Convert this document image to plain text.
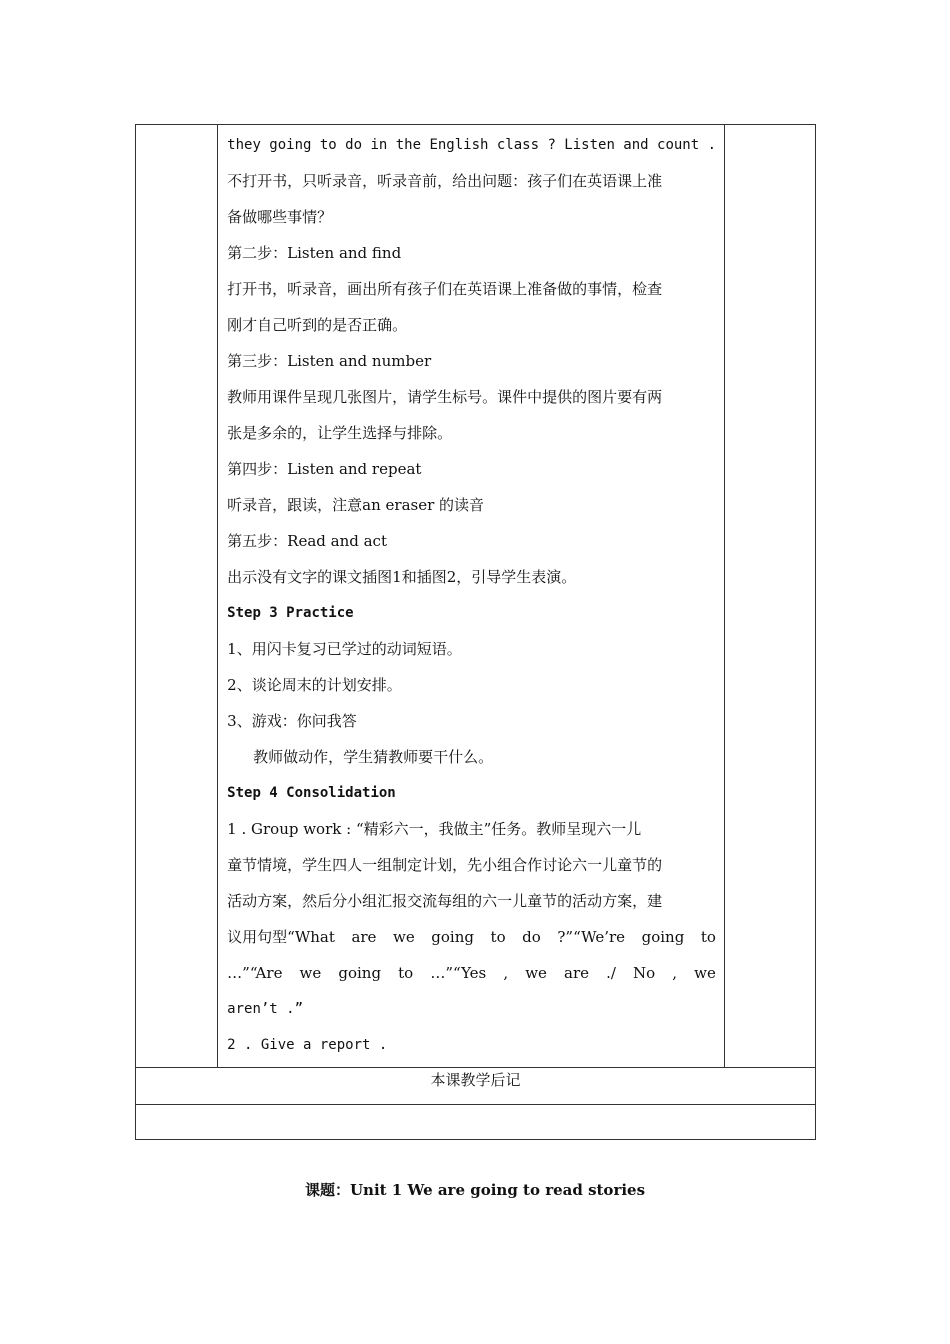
they going to do in the English class ? Listen and count .
不打开书，只听录音，听录音前，给出问题：孩子们在英语课上准
备做哪些事情？
第二步：Listen and find
打开书，听录音，画出所有孩子们在英语课上准备做的事情，检查
刚才自己听到的是否正确。
第三步：Listen and number
教师用课件呈现几张图片，请学生标号。课件中提供的图片要有两
张是多余的，让学生选择与排除。
第四步：Listen and repeat
听录音，跟读，注意an eraser 的读音
第五步：Read and act
出示没有文字的课文插图1和插图2，引导学生表演。
Step 3 Practice
1、用闪卡复习已学过的动词短语。
2、谈论周末的计划安排。
3、游戏：你问我答
教师做动作，学生猜教师要干什么。
Step 4 Consolidation
1 . Group work : “精彩六一，我做主”任务。教师呈现六一儿
童节情境，学生四人一组制定计划，先小组合作讨论六一儿童节的
活动方案，然后分小组汇报交流每组的六一儿童节的活动方案，建
议用句型“What are we going to do ?”“We’re going to
…”“Are we going to …”“Yes , we are ./ No , we
aren’t .”
2 . Give a report .

本课教学后记

课题：Unit 1 We are going to read stories
